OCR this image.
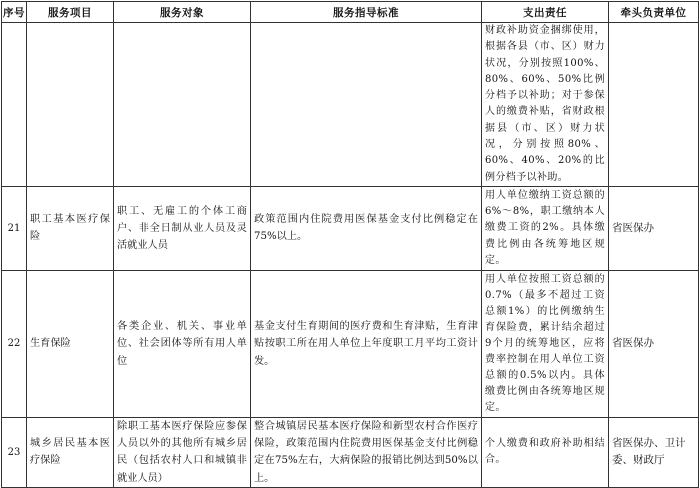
序号	服务项目	服务对象	服务指导标准	支出责任	牵头负责单位
				财政补助资金捆绑使用，根据各县（市、区）财力状况，分别按照100%、80%、60%、50%比例分档予以补助；对于参保人的缴费补贴，省财政根据县（市、区）财力状况，分别按照80%、60%、40%、20%的比例分档予以补助。	
21	职工基本医疗保险	职工、无雇工的个体工商户、非全日制从业人员及灵活就业人员	政策范围内住院费用医保基金支付比例稳定在75%以上。	用人单位缴纳工资总额的6%～8%，职工缴纳本人缴费工资的2%。具体缴费比例由各统筹地区规定。	省医保办
22	生育保险	各类企业、机关、事业单位、社会团体等所有用人单位	基金支付生育期间的医疗费和生育津贴，生育津贴按职工所在用人单位上年度职工月平均工资计发。	用人单位按照工资总额的0.7%（最多不超过工资总额1%）的比例缴纳生育保险费，累计结余超过9个月的统筹地区，应将费率控制在用人单位工资总额的0.5%以内。具体缴费比例由各统筹地区规定。	省医保办
23	城乡居民基本医疗保险	除职工基本医疗保险应参保人员以外的其他所有城乡居民（包括农村人口和城镇非就业人员）	整合城镇居民基本医疗保险和新型农村合作医疗保险，政策范围内住院费用医保基金支付比例稳定在75%左右，大病保险的报销比例达到50%以上。	个人缴费和政府补助相结合。	省医保办、卫计委、财政厅
